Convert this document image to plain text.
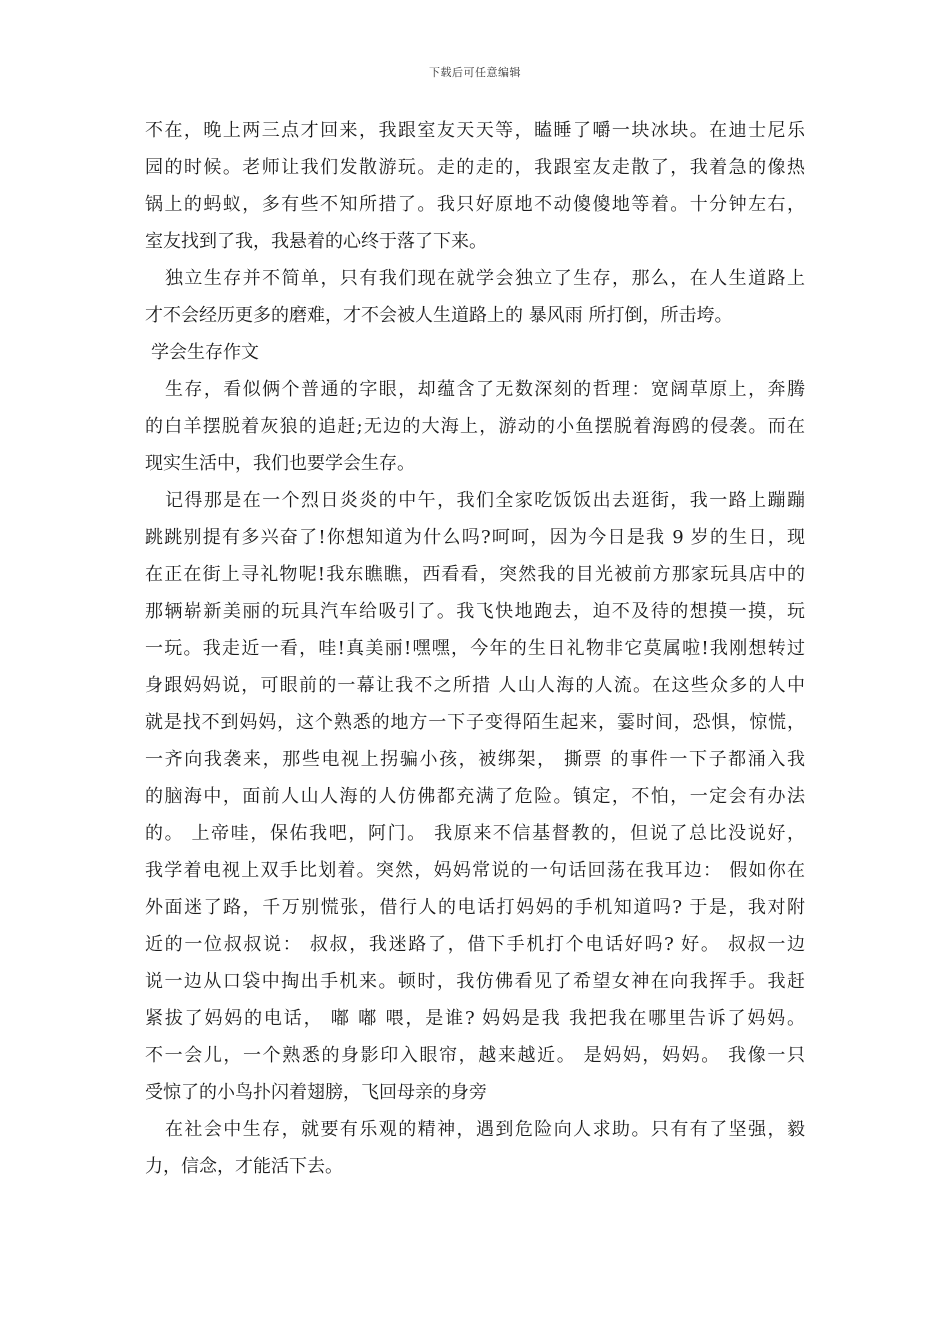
下载后可任意编辑
不在，晚上两三点才回来，我跟室友天天等，瞌睡了嚼一块冰块。在迪士尼乐
园的时候。老师让我们发散游玩。走的走的，我跟室友走散了，我着急的像热
锅上的蚂蚁，多有些不知所措了。我只好原地不动傻傻地等着。十分钟左右，
室友找到了我，我悬着的心终于落了下来。
独立生存并不简单，只有我们现在就学会独立了生存，那么，在人生道路上
才不会经历更多的磨难，才不会被人生道路上的 暴风雨 所打倒，所击垮。
学会生存作文
生存，看似俩个普通的字眼，却蕴含了无数深刻的哲理：宽阔草原上，奔腾
的白羊摆脱着灰狼的追赶;无边的大海上，游动的小鱼摆脱着海鸥的侵袭。而在
现实生活中，我们也要学会生存。
记得那是在一个烈日炎炎的中午，我们全家吃饭饭出去逛街，我一路上蹦蹦
跳跳别提有多兴奋了!你想知道为什么吗?呵呵，因为今日是我 9 岁的生日，现
在正在街上寻礼物呢!我东瞧瞧，西看看，突然我的目光被前方那家玩具店中的
那辆崭新美丽的玩具汽车给吸引了。我飞快地跑去，迫不及待的想摸一摸，玩
一玩。我走近一看，哇!真美丽!嘿嘿，今年的生日礼物非它莫属啦!我刚想转过
身跟妈妈说，可眼前的一幕让我不之所措 人山人海的人流。在这些众多的人中
就是找不到妈妈，这个熟悉的地方一下子变得陌生起来，霎时间，恐惧，惊慌，
一齐向我袭来，那些电视上拐骗小孩，被绑架， 撕票 的事件一下子都涌入我
的脑海中，面前人山人海的人仿佛都充满了危险。镇定，不怕，一定会有办法
的。 上帝哇，保佑我吧，阿门。 我原来不信基督教的，但说了总比没说好，
我学着电视上双手比划着。突然，妈妈常说的一句话回荡在我耳边： 假如你在
外面迷了路，千万别慌张，借行人的电话打妈妈的手机知道吗? 于是，我对附
近的一位叔叔说： 叔叔，我迷路了，借下手机打个电话好吗? 好。 叔叔一边
说一边从口袋中掏出手机来。顿时，我仿佛看见了希望女神在向我挥手。我赶
紧拔了妈妈的电话， 嘟 嘟 喂，是谁? 妈妈是我 我把我在哪里告诉了妈妈。
不一会儿，一个熟悉的身影印入眼帘，越来越近。 是妈妈，妈妈。 我像一只
受惊了的小鸟扑闪着翅膀，飞回母亲的身旁
在社会中生存，就要有乐观的精神，遇到危险向人求助。只有有了坚强，毅
力，信念，才能活下去。
